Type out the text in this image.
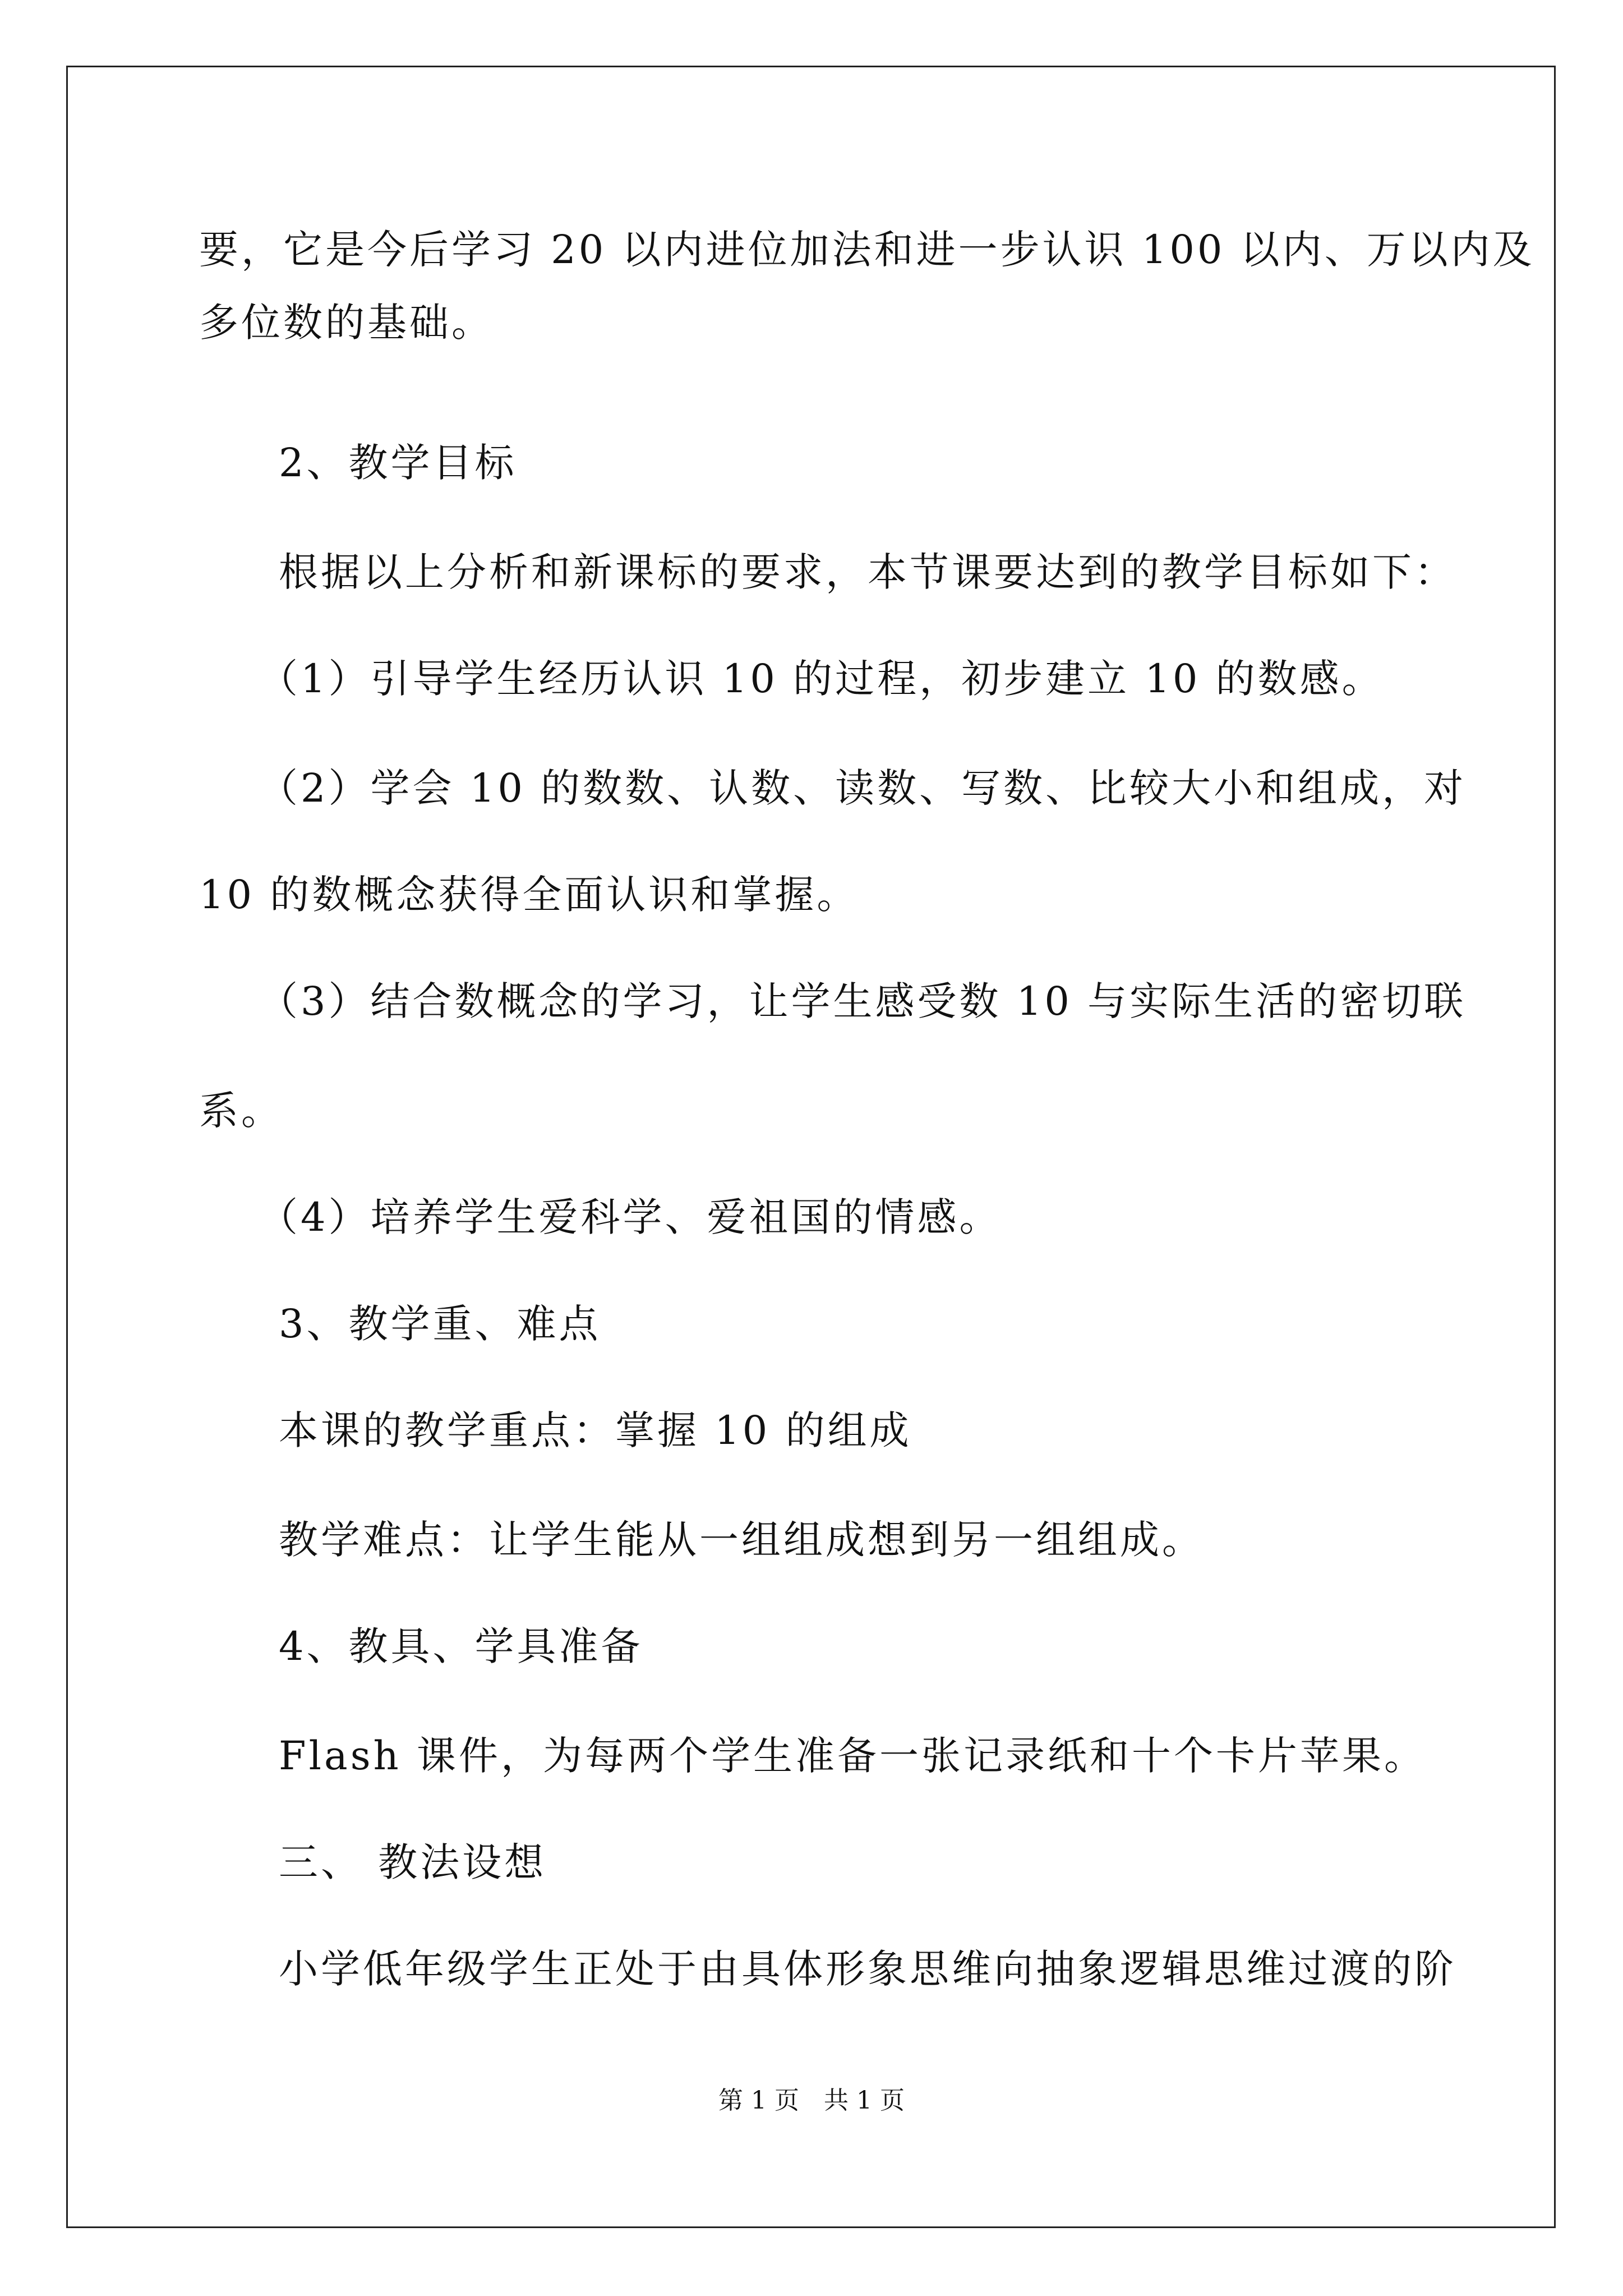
要，它是今后学习 20 以内进位加法和进一步认识 100 以内、万以内及
多位数的基础。
2、教学目标
根据以上分析和新课标的要求，本节课要达到的教学目标如下：
（1）引导学生经历认识 10 的过程，初步建立 10 的数感。
（2）学会 10 的数数、认数、读数、写数、比较大小和组成，对
10 的数概念获得全面认识和掌握。
（3）结合数概念的学习，让学生感受数 10 与实际生活的密切联
系。
（4）培养学生爱科学、爱祖国的情感。
3、教学重、难点
本课的教学重点：掌握 10 的组成
教学难点：让学生能从一组组成想到另一组组成。
4、教具、学具准备
Flash 课件，为每两个学生准备一张记录纸和十个卡片苹果。
三、 教法设想
小学低年级学生正处于由具体形象思维向抽象逻辑思维过渡的阶
第 1 页　共 1 页
